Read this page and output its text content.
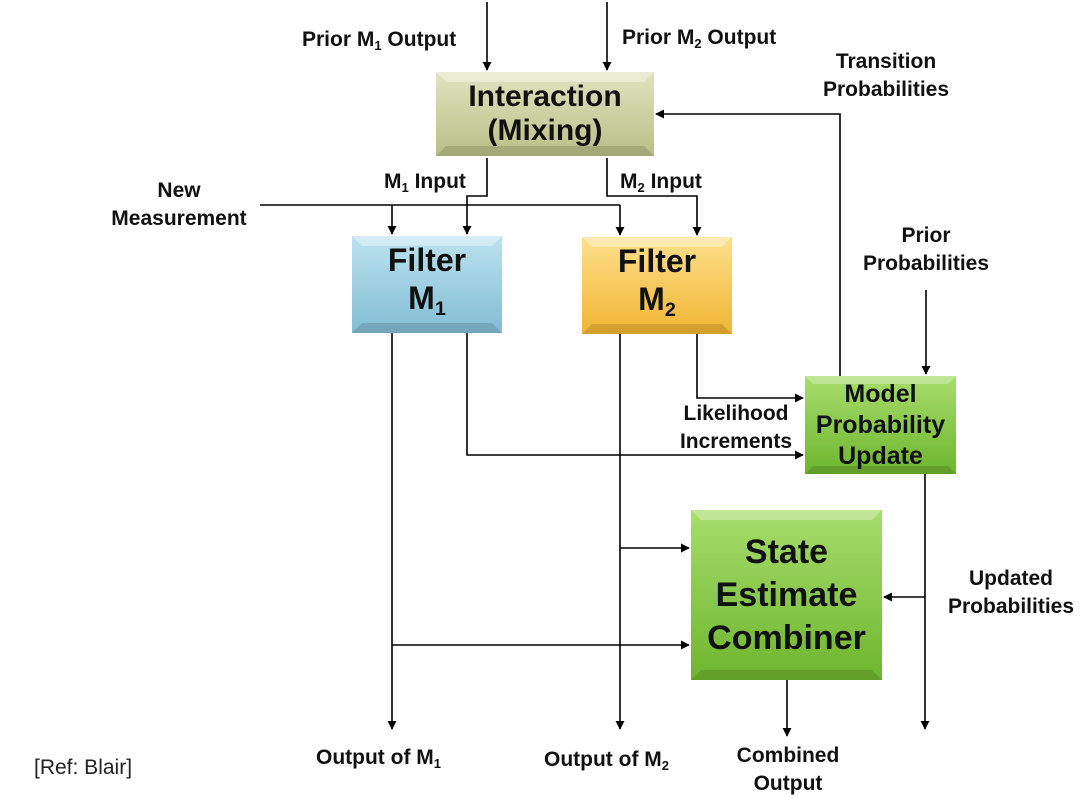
Interaction
(Mixing)
Filter
$M_1$
Filter
$M_2$
Model
Probability
Update
State
Estimate
Combiner
Prior $M_1$ Output	Prior $M_2$ Output
Transition
Probabilities
New
Measurement
$M_1$ Input	$M_2$ Input
Prior
Probabilities
Likelihood
Increments
Updated
Probabilities
Output of $M_1$	Output of $M_2$	Combined
Output
[Ref: Blair]
